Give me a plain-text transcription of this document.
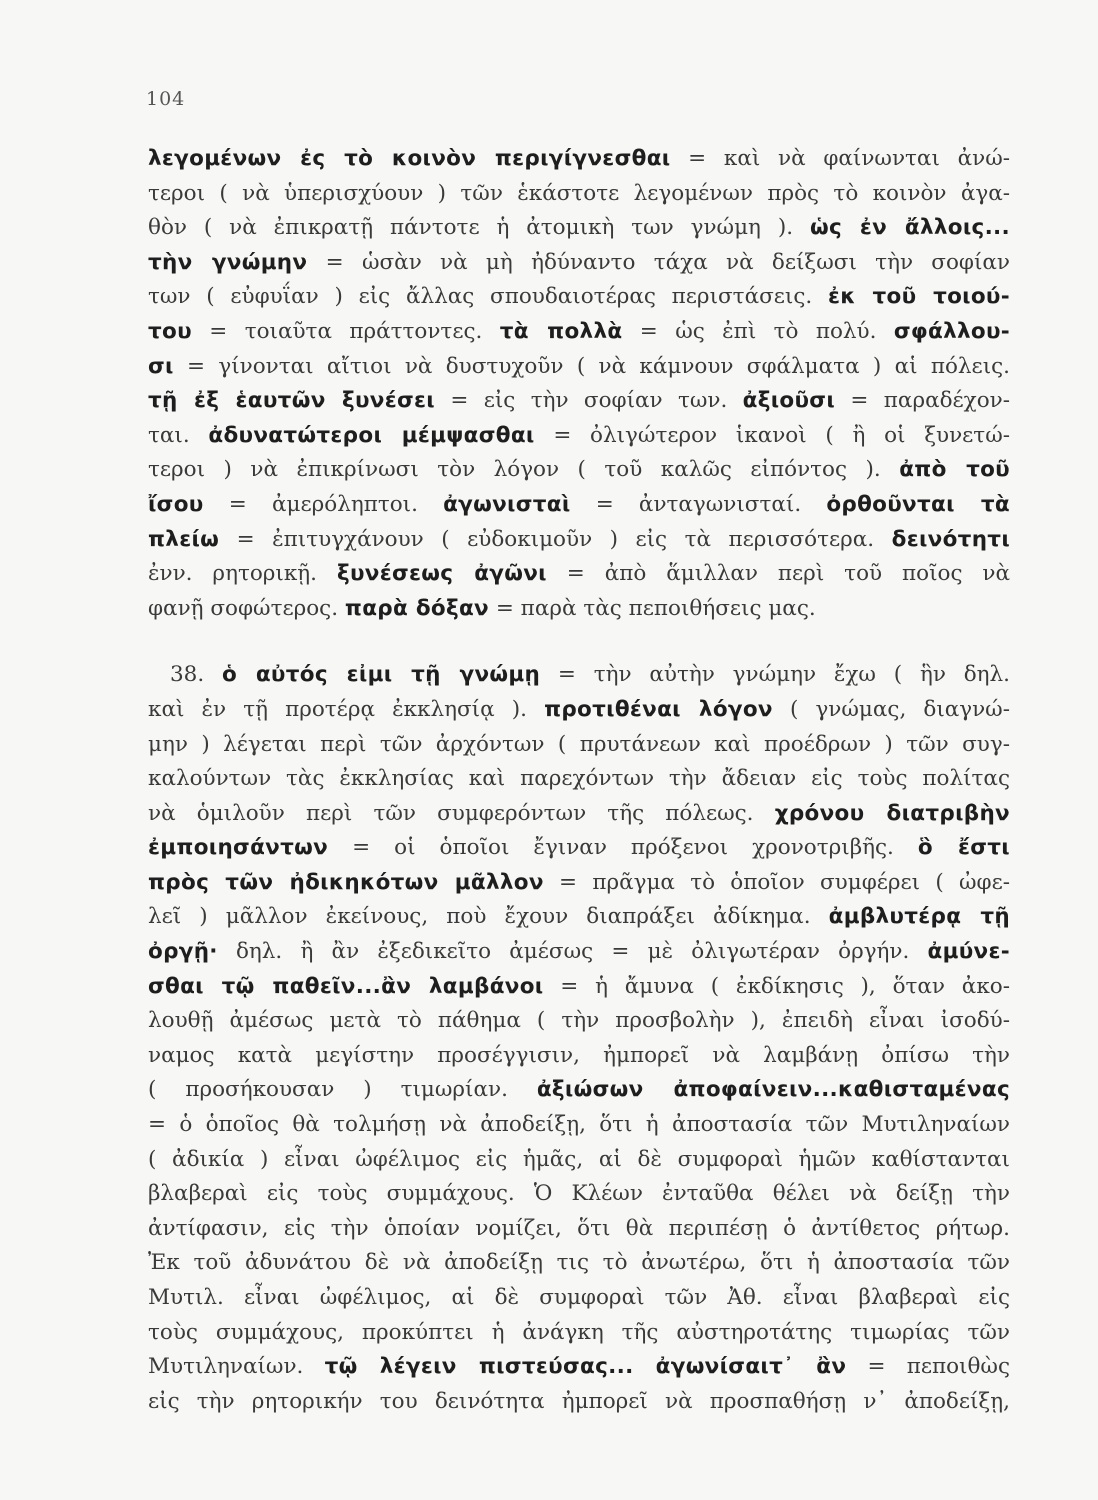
104
λεγομένων ἐς τὸ κοινὸν περιγίγνεσθαι = καὶ νὰ φαίνωνται ἀνώ-
τεροι ( νὰ ὑπερισχύουν ) τῶν ἑκάστοτε λεγομένων πρὸς τὸ κοινὸν ἀγα-
θὸν ( νὰ ἐπικρατῇ πάντοτε ἡ ἀτομικὴ των γνώμη ). ὡς ἐν ἄλλοις...
τὴν γνώμην = ὡσὰν νὰ μὴ ἠδύναντο τάχα νὰ δείξωσι τὴν σοφίαν
των ( εὐφυΐαν ) εἰς ἄλλας σπουδαιοτέρας περιστάσεις. ἐκ τοῦ τοιού-
του = τοιαῦτα πράττοντες. τὰ πολλὰ = ὡς ἐπὶ τὸ πολύ. σφάλλου-
σι = γίνονται αἴτιοι νὰ δυστυχοῦν ( νὰ κάμνουν σφάλματα ) αἱ πόλεις.
τῇ ἐξ ἑαυτῶν ξυνέσει = εἰς τὴν σοφίαν των. ἀξιοῦσι = παραδέχον-
ται. ἀδυνατώτεροι μέμψασθαι = ὀλιγώτερον ἱκανοὶ ( ἢ οἱ ξυνετώ-
τεροι ) νὰ ἐπικρίνωσι τὸν λόγον ( τοῦ καλῶς εἰπόντος ). ἀπὸ τοῦ
ἴσου = ἀμερόληπτοι. ἀγωνισταὶ = ἀνταγωνισταί. ὀρθοῦνται τὰ
πλείω = ἐπιτυγχάνουν ( εὐδοκιμοῦν ) εἰς τὰ περισσότερα. δεινότητι
ἐνν. ρητορικῇ. ξυνέσεως ἀγῶνι = ἀπὸ ἅμιλλαν περὶ τοῦ ποῖος νὰ
φανῇ σοφώτερος. παρὰ δόξαν = παρὰ τὰς πεποιθήσεις μας.
38. ὁ αὐτός εἰμι τῇ γνώμῃ = τὴν αὐτὴν γνώμην ἔχω ( ἣν δηλ.
καὶ ἐν τῇ προτέρᾳ ἐκκλησίᾳ ). προτιθέναι λόγον ( γνώμας, διαγνώ-
μην ) λέγεται περὶ τῶν ἀρχόντων ( πρυτάνεων καὶ προέδρων ) τῶν συγ-
καλούντων τὰς ἐκκλησίας καὶ παρεχόντων τὴν ἄδειαν εἰς τοὺς πολίτας
νὰ ὁμιλοῦν περὶ τῶν συμφερόντων τῆς πόλεως. χρόνου διατριβὴν
ἐμποιησάντων = οἱ ὁποῖοι ἔγιναν πρόξενοι χρονοτριβῆς. ὃ ἔστι
πρὸς τῶν ἠδικηκότων μᾶλλον = πρᾶγμα τὸ ὁποῖον συμφέρει ( ὠφε-
λεῖ ) μᾶλλον ἐκείνους, ποὺ ἔχουν διαπράξει ἀδίκημα. ἀμβλυτέρᾳ τῇ
ὀργῇ· δηλ. ἢ ἂν ἐξεδικεῖτο ἀμέσως = μὲ ὀλιγωτέραν ὀργήν. ἀμύνε-
σθαι τῷ παθεῖν...ἂν λαμβάνοι = ἡ ἄμυνα ( ἐκδίκησις ), ὅταν ἀκο-
λουθῇ ἀμέσως μετὰ τὸ πάθημα ( τὴν προσβολὴν ), ἐπειδὴ εἶναι ἰσοδύ-
ναμος κατὰ μεγίστην προσέγγισιν, ἠμπορεῖ νὰ λαμβάνῃ ὀπίσω τὴν
( προσήκουσαν ) τιμωρίαν. ἀξιώσων ἀποφαίνειν...καθισταμένας
= ὁ ὁποῖος θὰ τολμήσῃ νὰ ἀποδείξῃ, ὅτι ἡ ἀποστασία τῶν Μυτιληναίων
( ἀδικία ) εἶναι ὠφέλιμος εἰς ἡμᾶς, αἱ δὲ συμφοραὶ ἡμῶν καθίστανται
βλαβεραὶ εἰς τοὺς συμμάχους. Ὁ Κλέων ἐνταῦθα θέλει νὰ δείξῃ τὴν
ἀντίφασιν, εἰς τὴν ὁποίαν νομίζει, ὅτι θὰ περιπέσῃ ὁ ἀντίθετος ρήτωρ.
Ἐκ τοῦ ἀδυνάτου δὲ νὰ ἀποδείξῃ τις τὸ ἀνωτέρω, ὅτι ἡ ἀποστασία τῶν
Μυτιλ. εἶναι ὠφέλιμος, αἱ δὲ συμφοραὶ τῶν Ἀθ. εἶναι βλαβεραὶ εἰς
τοὺς συμμάχους, προκύπτει ἡ ἀνάγκη τῆς αὐστηροτάτης τιμωρίας τῶν
Μυτιληναίων. τῷ λέγειν πιστεύσας... ἀγωνίσαιτ᾽ ἂν = πεποιθὼς
εἰς τὴν ρητορικήν του δεινότητα ἠμπορεῖ νὰ προσπαθήσῃ ν᾽ ἀποδείξῃ,
